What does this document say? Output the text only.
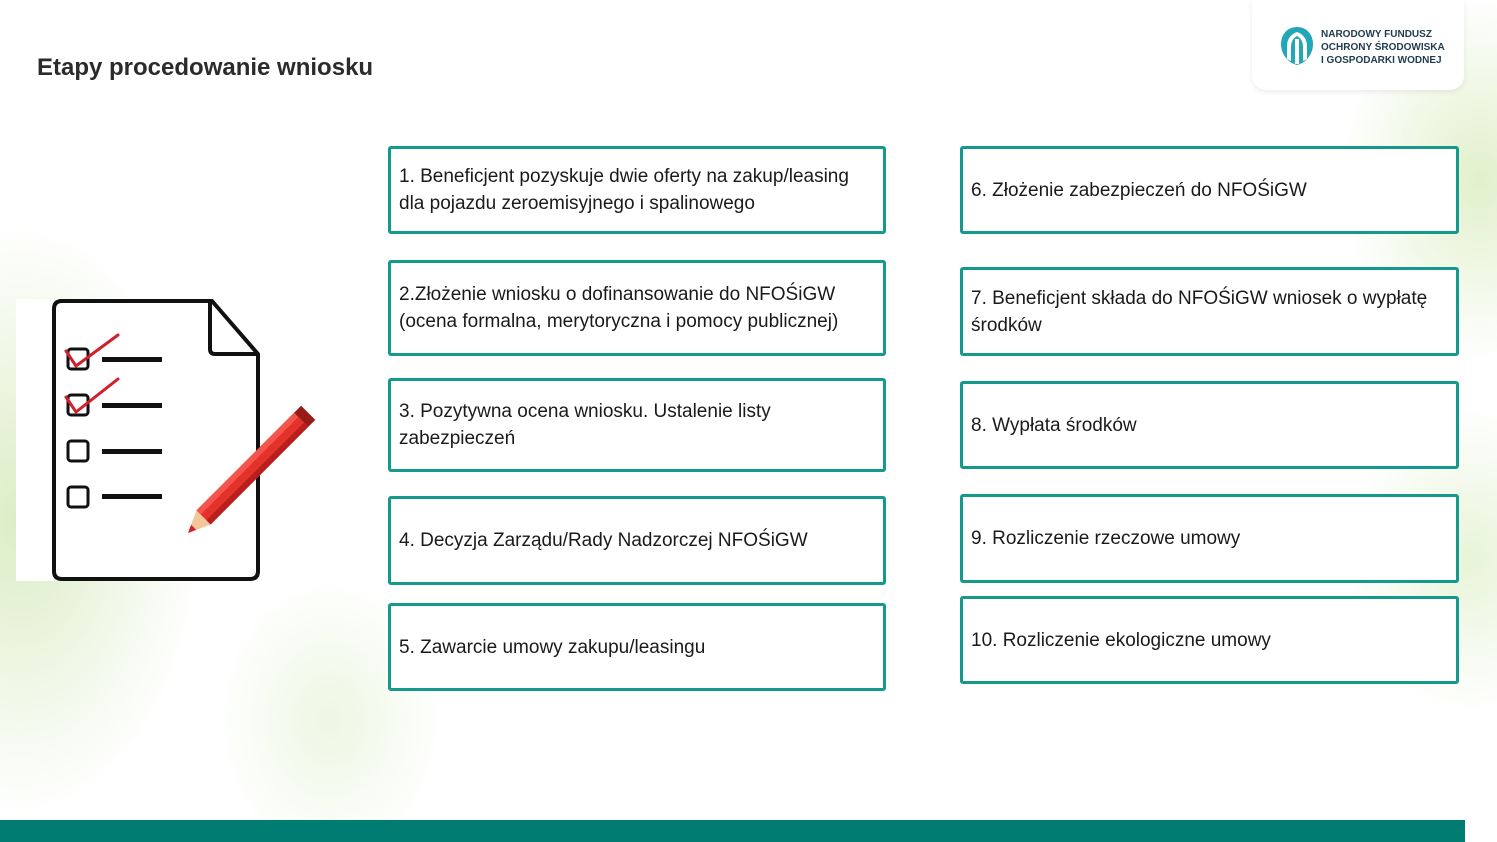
Etapy procedowanie wniosku
NARODOWY FUNDUSZ
OCHRONY ŚRODOWISKA
I GOSPODARKI WODNEJ
1. Beneficjent pozyskuje dwie oferty na zakup/leasing dla pojazdu zeroemisyjnego i spalinowego
2.Złożenie wniosku o dofinansowanie do NFOŚiGW (ocena formalna, merytoryczna i pomocy publicznej)
3. Pozytywna ocena wniosku. Ustalenie listy zabezpieczeń
4. Decyzja Zarządu/Rady Nadzorczej NFOŚiGW
5. Zawarcie umowy zakupu/leasingu
6. Złożenie zabezpieczeń do NFOŚiGW
7. Beneficjent składa do NFOŚiGW wniosek o wypłatę środków
8. Wypłata środków
9. Rozliczenie rzeczowe umowy
10. Rozliczenie ekologiczne umowy
